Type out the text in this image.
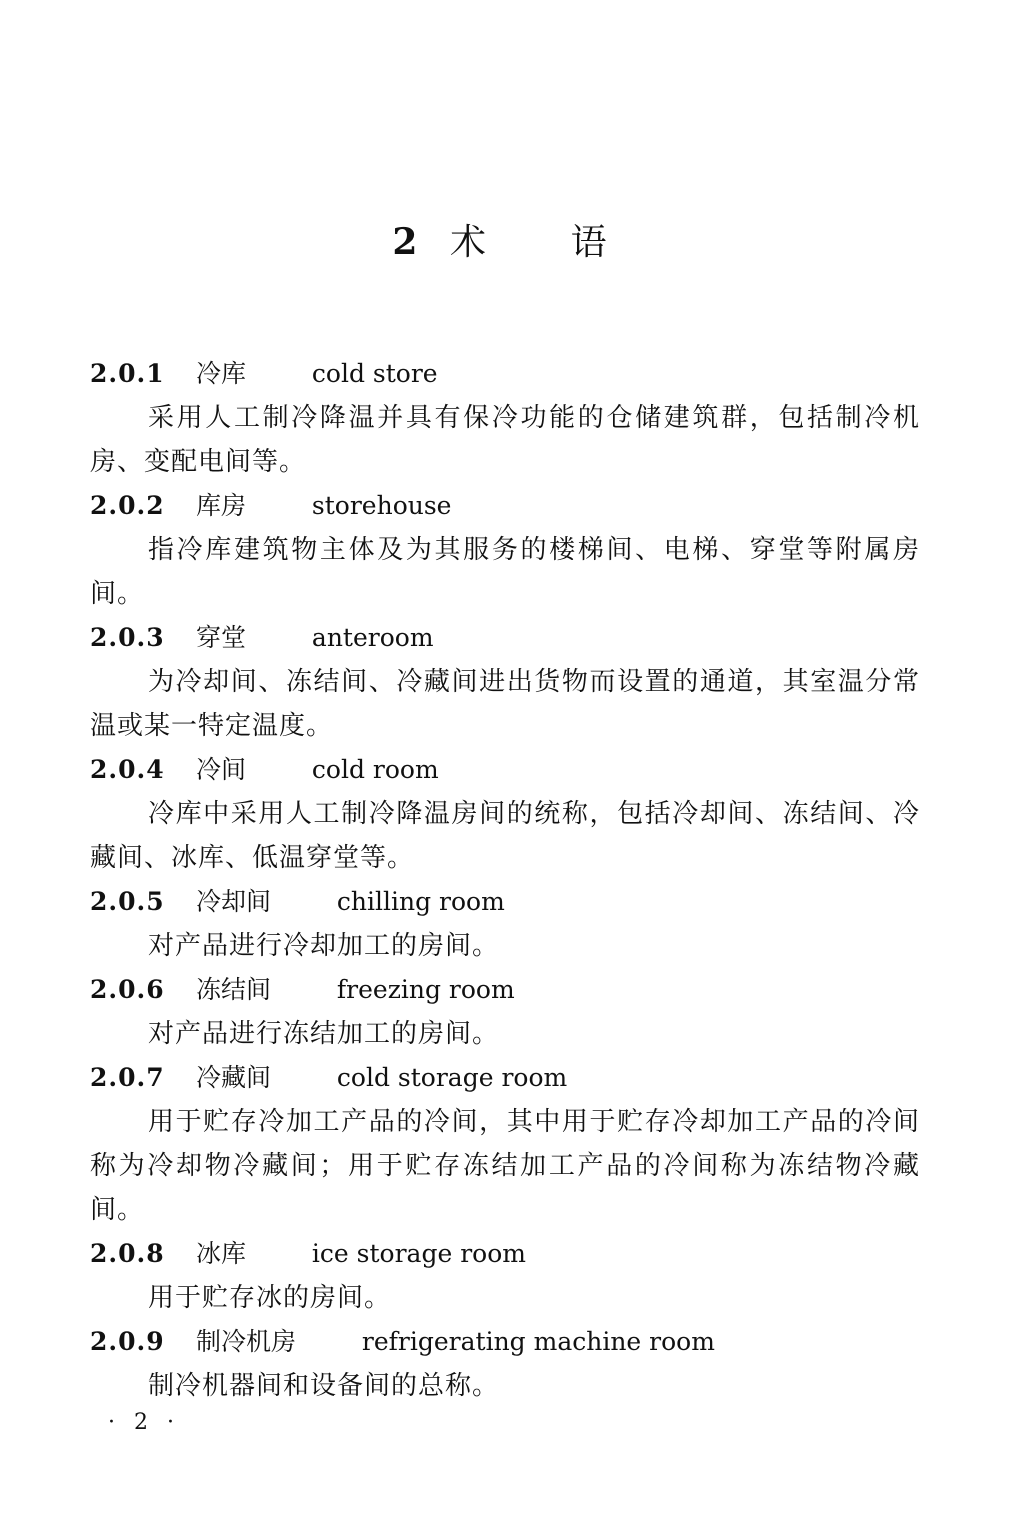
2 术 语
2.0.1 冷库	cold store
采用人工制冷降温并具有保冷功能的仓储建筑群，包括制冷机房、变配电间等。
2.0.2 库房	storehouse
指冷库建筑物主体及为其服务的楼梯间、电梯、穿堂等附属房间。
2.0.3 穿堂	anteroom
为冷却间、冻结间、冷藏间进出货物而设置的通道，其室温分常温或某一特定温度。
2.0.4 冷间	cold room
冷库中采用人工制冷降温房间的统称，包括冷却间、冻结间、冷藏间、冰库、低温穿堂等。
2.0.5 冷却间	chilling room
对产品进行冷却加工的房间。
2.0.6 冻结间	freezing room
对产品进行冻结加工的房间。
2.0.7 冷藏间	cold storage room
用于贮存冷加工产品的冷间，其中用于贮存冷却加工产品的冷间称为冷却物冷藏间；用于贮存冻结加工产品的冷间称为冻结物冷藏间。
2.0.8 冰库	ice storage room
用于贮存冰的房间。
2.0.9 制冷机房	refrigerating machine room
制冷机器间和设备间的总称。
· 2 ·
